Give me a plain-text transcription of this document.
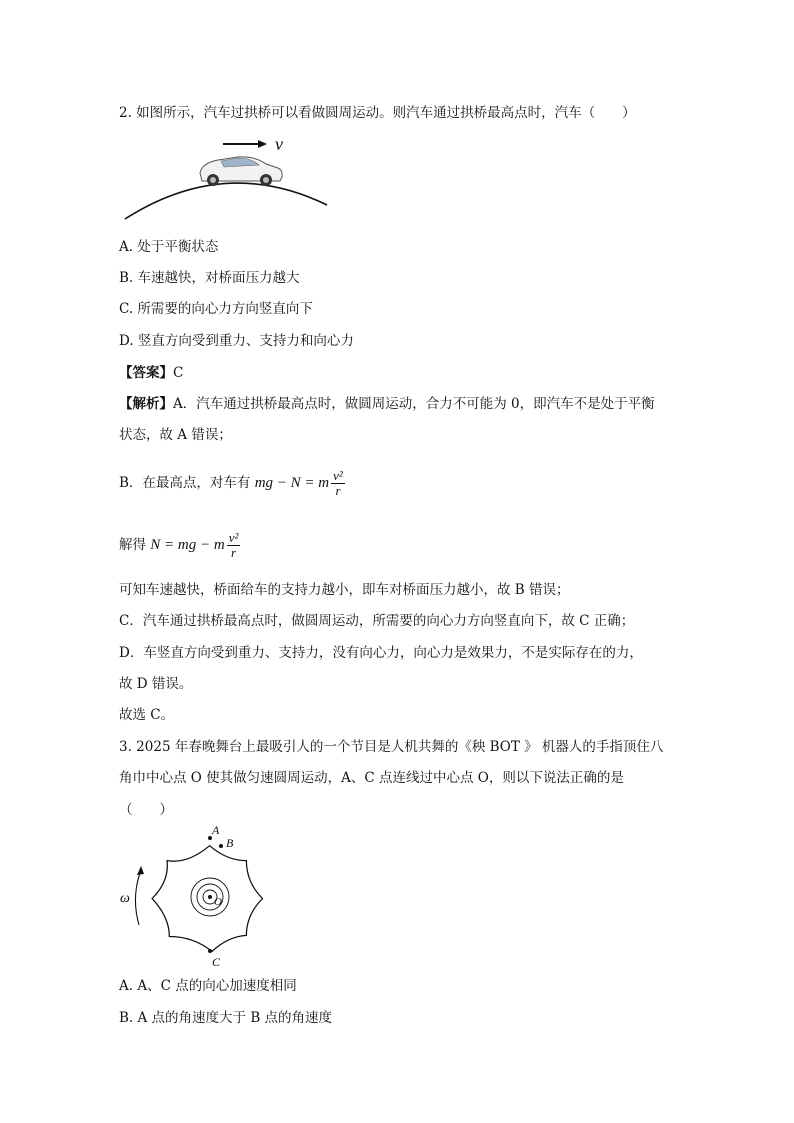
2. 如图所示，汽车过拱桥可以看做圆周运动。则汽车通过拱桥最高点时，汽车（　　）
v
A. 处于平衡状态
B. 车速越快，对桥面压力越大
C. 所需要的向心力方向竖直向下
D. 竖直方向受到重力、支持力和向心力
【答案】C
【解析】A．汽车通过拱桥最高点时，做圆周运动，合力不可能为 0，即汽车不是处于平衡
状态，故 A 错误；
B．在最高点，对车有 mg − N = m $\frac{\text{v²}}{r}$
解得 N = mg − m $\frac{\text{v²}}{r}$
可知车速越快，桥面给车的支持力越小，即车对桥面压力越小，故 B 错误；
C．汽车通过拱桥最高点时，做圆周运动，所需要的向心力方向竖直向下，故 C 正确；
D．车竖直方向受到重力、支持力，没有向心力，向心力是效果力，不是实际存在的力，
故 D 错误。
故选 C。
3. 2025 年春晚舞台上最吸引人的一个节目是人机共舞的《秧 BOT 》 机器人的手指顶住八
角巾中心点 O 使其做匀速圆周运动，A、C 点连线过中心点 O，则以下说法正确的是
（　　）
A
B
C
O
ω
A. A、C 点的向心加速度相同
B. A 点的角速度大于 B 点的角速度
